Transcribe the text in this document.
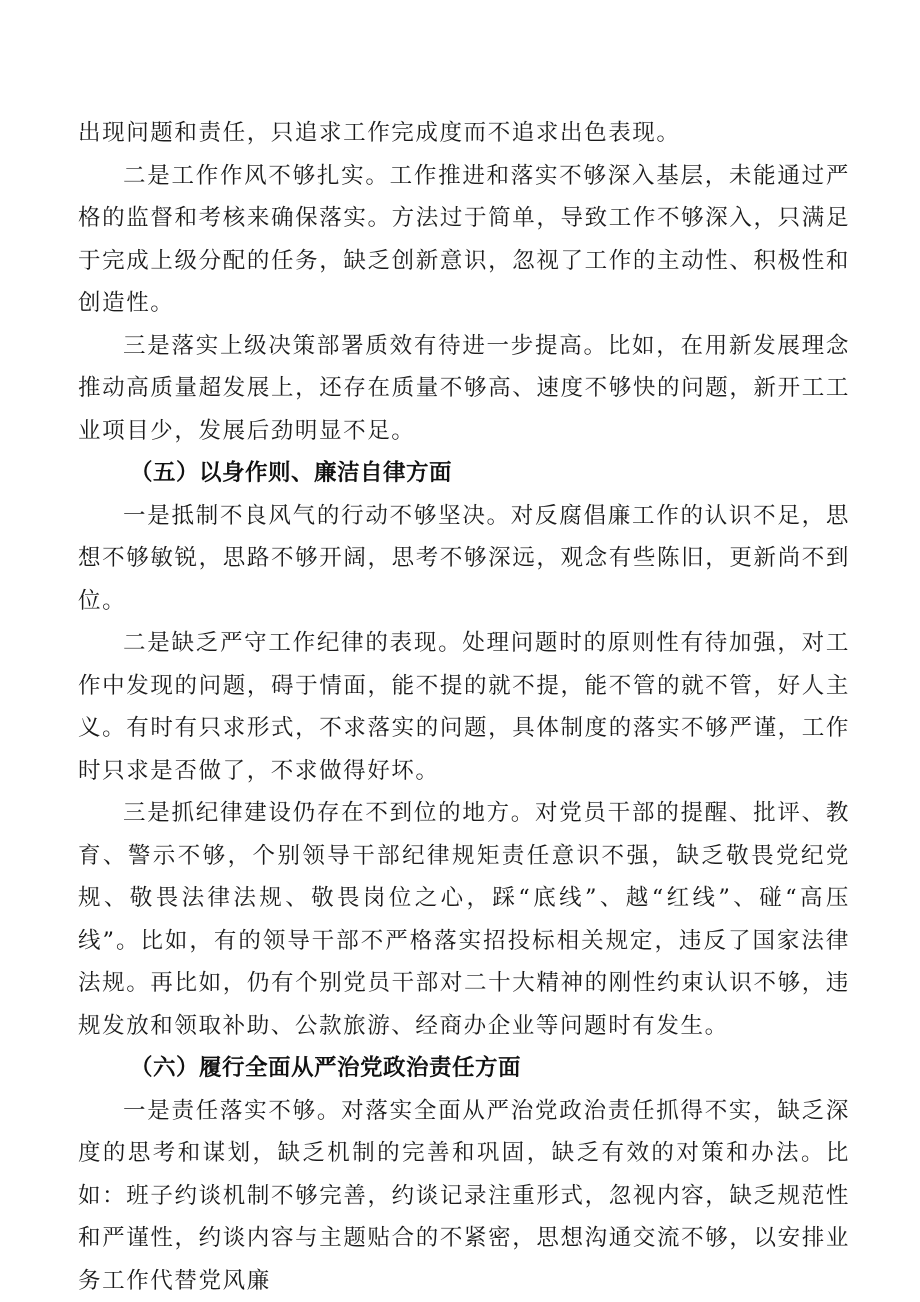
出现问题和责任，只追求工作完成度而不追求出色表现。

二是工作作风不够扎实。工作推进和落实不够深入基层，未能通过严格的监督和考核来确保落实。方法过于简单，导致工作不够深入，只满足于完成上级分配的任务，缺乏创新意识，忽视了工作的主动性、积极性和创造性。

三是落实上级决策部署质效有待进一步提高。比如，在用新发展理念推动高质量超发展上，还存在质量不够高、速度不够快的问题，新开工工业项目少，发展后劲明显不足。

（五）以身作则、廉洁自律方面

一是抵制不良风气的行动不够坚决。对反腐倡廉工作的认识不足，思想不够敏锐，思路不够开阔，思考不够深远，观念有些陈旧，更新尚不到位。

二是缺乏严守工作纪律的表现。处理问题时的原则性有待加强，对工作中发现的问题，碍于情面，能不提的就不提，能不管的就不管，好人主义。有时有只求形式，不求落实的问题，具体制度的落实不够严谨，工作时只求是否做了，不求做得好坏。

三是抓纪律建设仍存在不到位的地方。对党员干部的提醒、批评、教育、警示不够，个别领导干部纪律规矩责任意识不强，缺乏敬畏党纪党规、敬畏法律法规、敬畏岗位之心，踩“底线”、越“红线”、碰“高压线”。比如，有的领导干部不严格落实招投标相关规定，违反了国家法律法规。再比如，仍有个别党员干部对二十大精神的刚性约束认识不够，违规发放和领取补助、公款旅游、经商办企业等问题时有发生。

（六）履行全面从严治党政治责任方面

一是责任落实不够。对落实全面从严治党政治责任抓得不实，缺乏深度的思考和谋划，缺乏机制的完善和巩固，缺乏有效的对策和办法。比如：班子约谈机制不够完善，约谈记录注重形式，忽视内容，缺乏规范性和严谨性，约谈内容与主题贴合的不紧密，思想沟通交流不够，以安排业务工作代替党风廉
